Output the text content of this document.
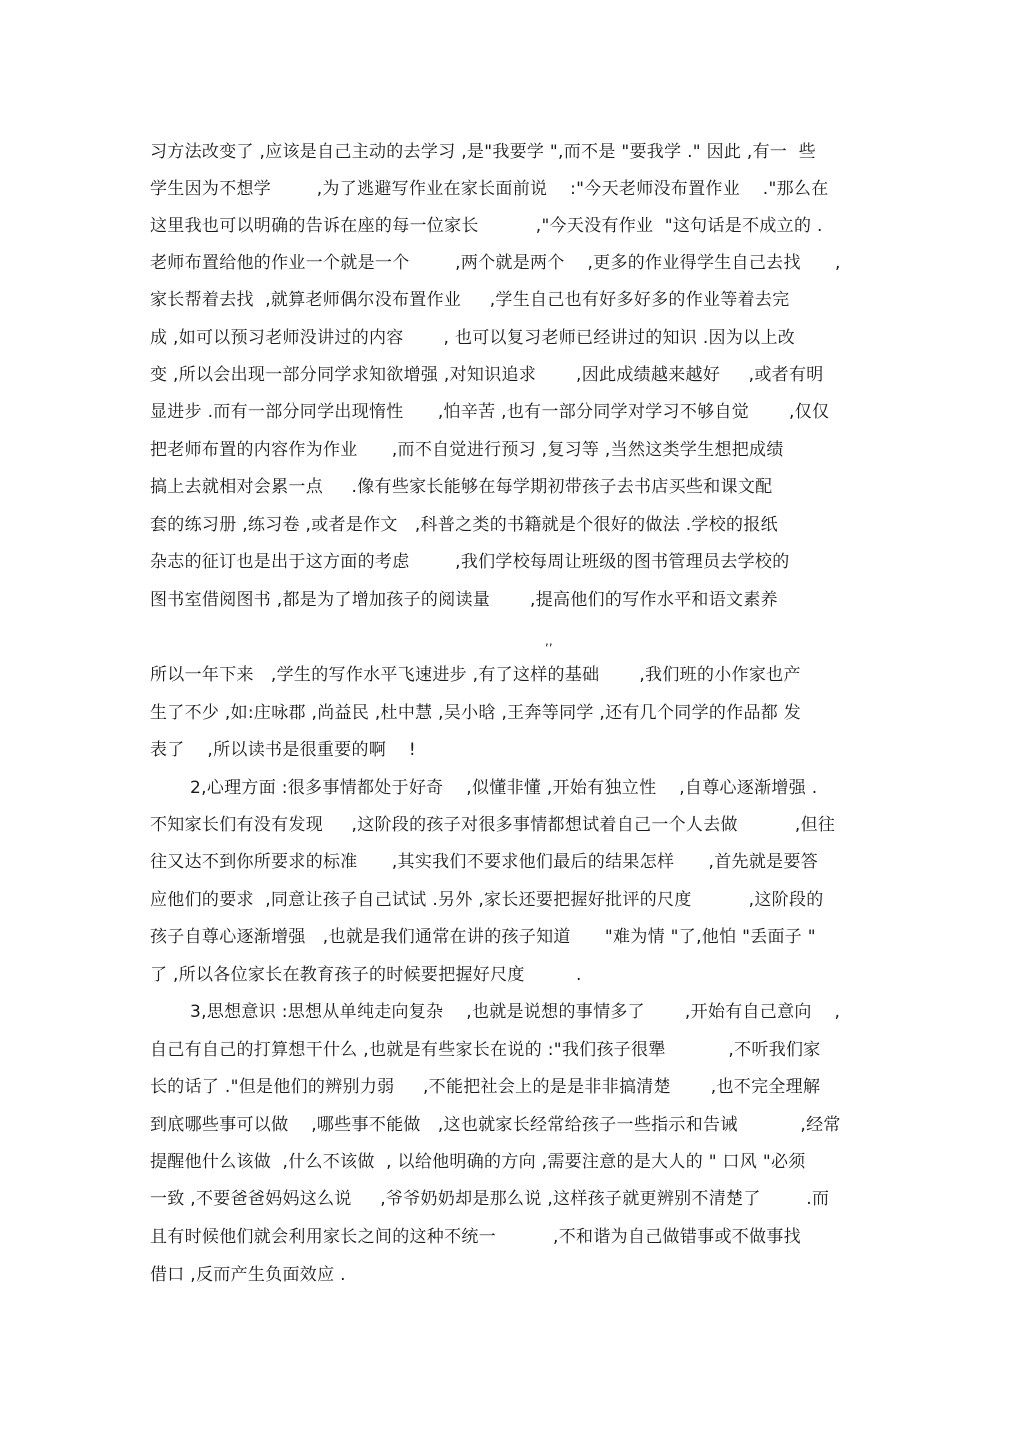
习方法改变了 ,应该是自己主动的去学习 ,是"我要学 ",而不是 "要我学 ." 因此 ,有一  些
学生因为不想学        ,为了逃避写作业在家长面前说    :"今天老师没布置作业    ."那么在
这里我也可以明确的告诉在座的每一位家长          ,"今天没有作业  "这句话是不成立的 .
老师布置给他的作业一个就是一个        ,两个就是两个    ,更多的作业得学生自己去找      ,
家长帮着去找  ,就算老师偶尔没布置作业     ,学生自己也有好多好多的作业等着去完
成 ,如可以预习老师没讲过的内容       , 也可以复习老师已经讲过的知识 .因为以上改
变 ,所以会出现一部分同学求知欲增强 ,对知识追求       ,因此成绩越来越好     ,或者有明
显进步 .而有一部分同学出现惰性      ,怕辛苦 ,也有一部分同学对学习不够自觉       ,仅仅
把老师布置的内容作为作业      ,而不自觉进行预习 ,复习等 ,当然这类学生想把成绩
搞上去就相对会累一点     .像有些家长能够在每学期初带孩子去书店买些和课文配
套的练习册 ,练习卷 ,或者是作文   ,科普之类的书籍就是个很好的做法 .学校的报纸
杂志的征订也是出于这方面的考虑        ,我们学校每周让班级的图书管理员去学校的
图书室借阅图书 ,都是为了增加孩子的阅读量       ,提高他们的写作水平和语文素养
,,
所以一年下来   ,学生的写作水平飞速进步 ,有了这样的基础       ,我们班的小作家也产
生了不少 ,如:庄咏郡 ,尚益民 ,杜中慧 ,吴小晗 ,王奔等同学 ,还有几个同学的作品都 发
表了    ,所以读书是很重要的啊    !
2,心理方面 :很多事情都处于好奇    ,似懂非懂 ,开始有独立性    ,自尊心逐渐增强 .
不知家长们有没有发现     ,这阶段的孩子对很多事情都想试着自己一个人去做          ,但往
往又达不到你所要求的标准      ,其实我们不要求他们最后的结果怎样      ,首先就是要答
应他们的要求  ,同意让孩子自己试试 .另外 ,家长还要把握好批评的尺度          ,这阶段的
孩子自尊心逐渐增强   ,也就是我们通常在讲的孩子知道      "难为情 "了,他怕 "丢面子 "
了 ,所以各位家长在教育孩子的时候要把握好尺度         .
3,思想意识 :思想从单纯走向复杂    ,也就是说想的事情多了       ,开始有自己意向    ,
自己有自己的打算想干什么 ,也就是有些家长在说的 :"我们孩子很犟           ,不听我们家
长的话了 ."但是他们的辨别力弱     ,不能把社会上的是是非非搞清楚       ,也不完全理解
到底哪些事可以做    ,哪些事不能做   ,这也就家长经常给孩子一些指示和告诫           ,经常
提醒他什么该做  ,什么不该做  , 以给他明确的方向 ,需要注意的是大人的 " 口风 "必须
一致 ,不要爸爸妈妈这么说     ,爷爷奶奶却是那么说 ,这样孩子就更辨别不清楚了        .而
且有时候他们就会利用家长之间的这种不统一          ,不和谐为自己做错事或不做事找
借口 ,反而产生负面效应 .
